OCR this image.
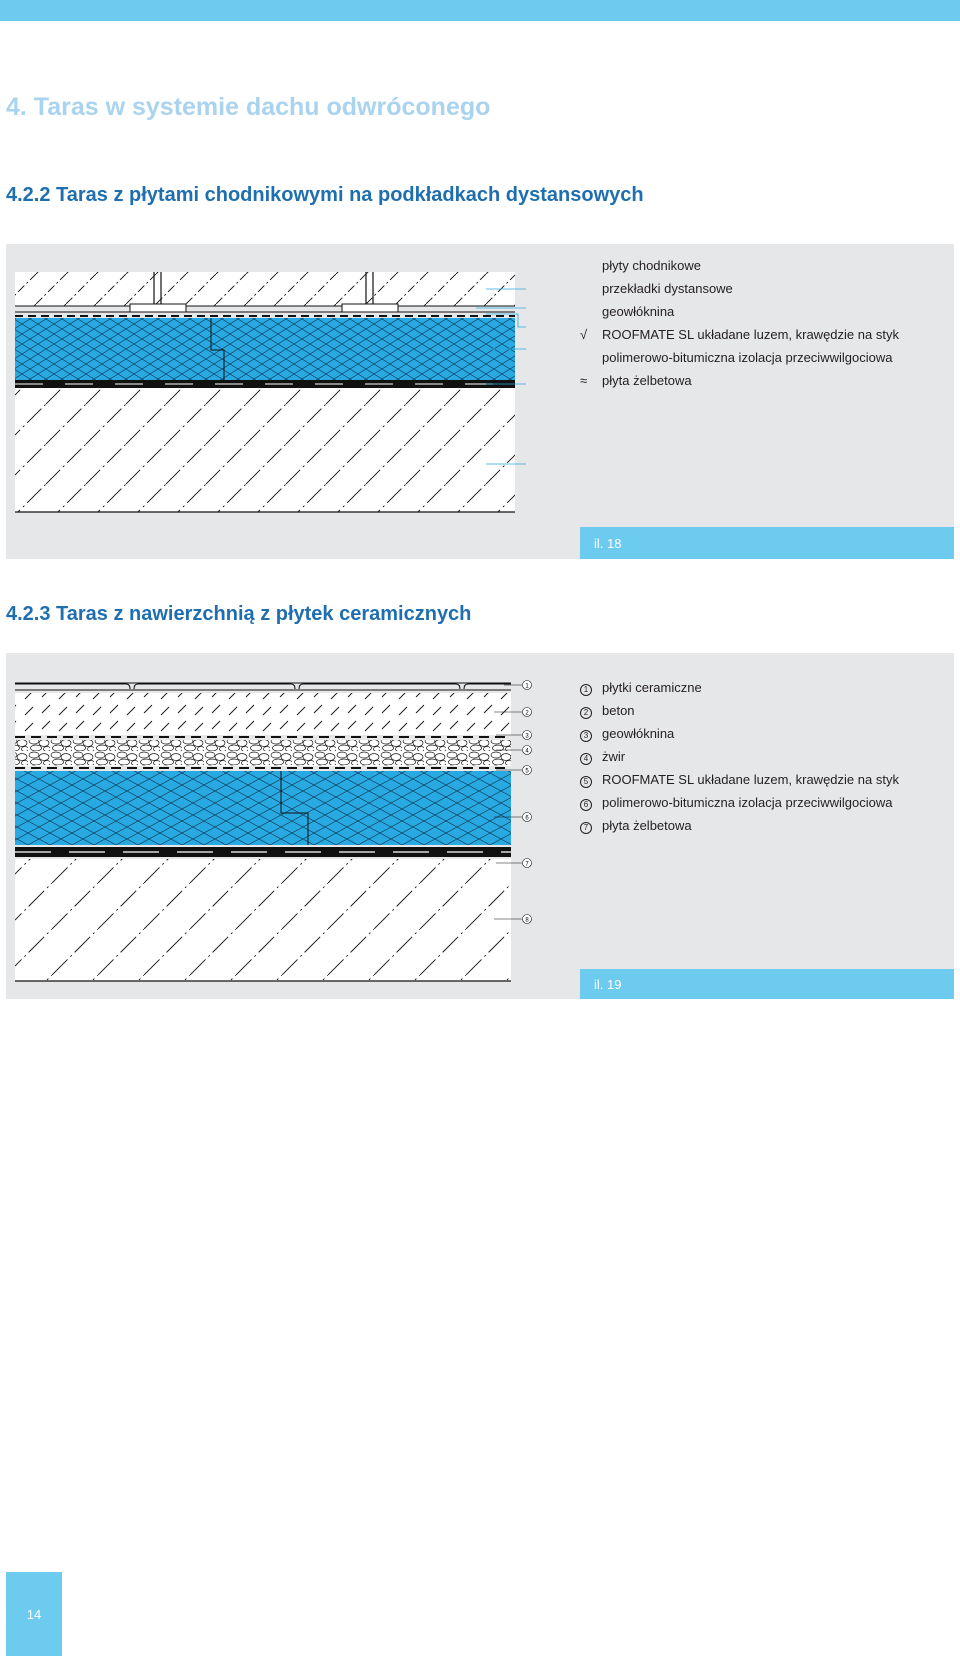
4. Taras w systemie dachu odwróconego
4.2.2 Taras z płytami chodnikowymi na podkładkach dystansowych
płyty chodnikowe
przekładki dystansowe
geowłóknina
√	ROOFMATE SL układane luzem, krawędzie na styk
polimerowo-bitumiczna izolacja przeciwwilgociowa
≈	płyta żelbetowa
il. 18
4.2.3 Taras z nawierzchnią z płytek ceramicznych
1
2
3
4
5
6
7
8
1	płytki ceramiczne
2	beton
3	geowłóknina
4	żwir
5	ROOFMATE SL układane luzem, krawędzie na styk
6	polimerowo-bitumiczna izolacja przeciwwilgociowa
7	płyta żelbetowa
il. 19
14
